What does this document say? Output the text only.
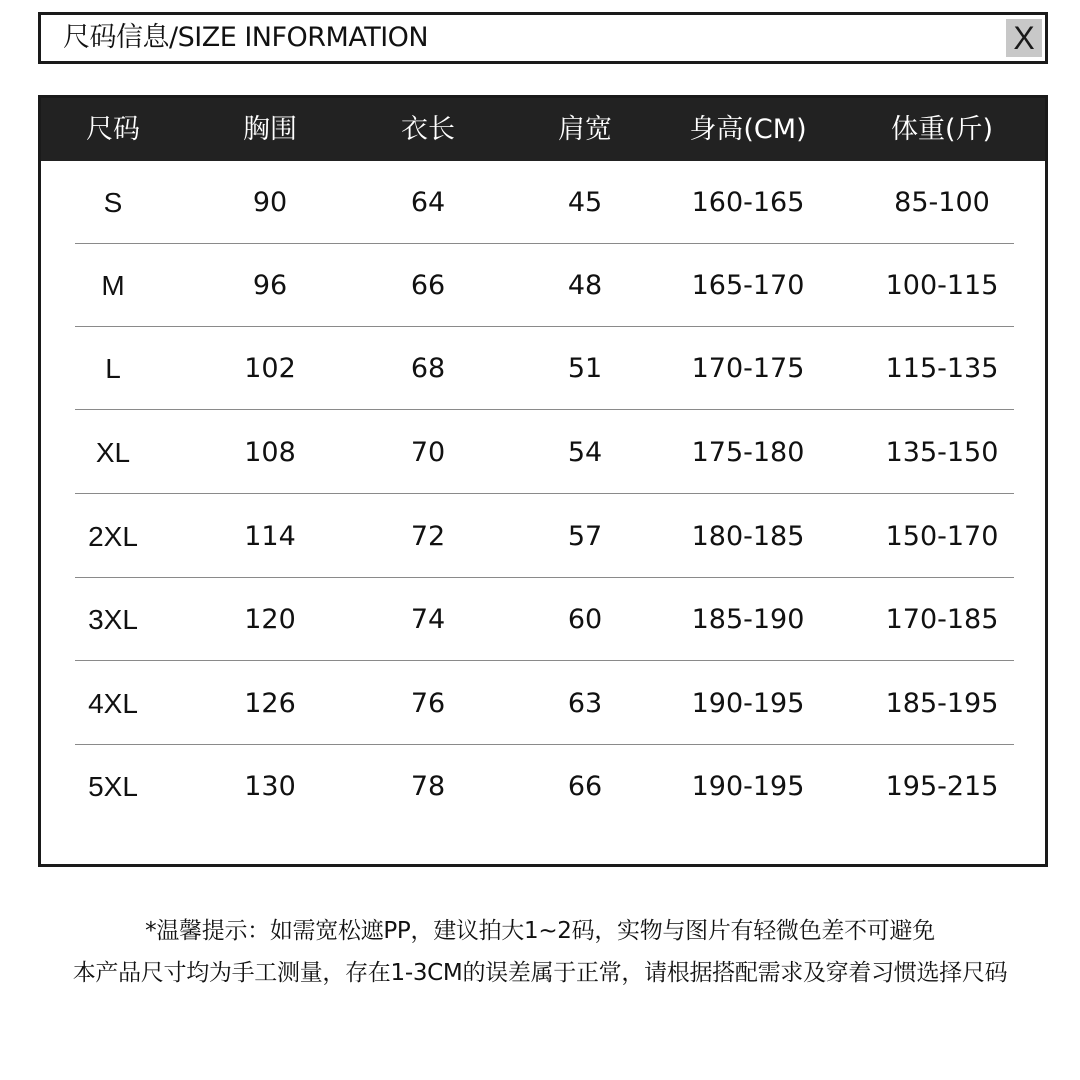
尺码信息/SIZE INFORMATION	X
尺码	胸围	衣长	肩宽	身高(CM)	体重(斤)
S	90	64	45	160-165	85-100
M	96	66	48	165-170	100-115
L	102	68	51	170-175	115-135
XL	108	70	54	175-180	135-150
2XL	114	72	57	180-185	150-170
3XL	120	74	60	185-190	170-185
4XL	126	76	63	190-195	185-195
5XL	130	78	66	190-195	195-215
*温馨提示：如需宽松遮PP，建议拍大1~2码，实物与图片有轻微色差不可避免
本产品尺寸均为手工测量，存在1-3CM的误差属于正常，请根据搭配需求及穿着习惯选择尺码
